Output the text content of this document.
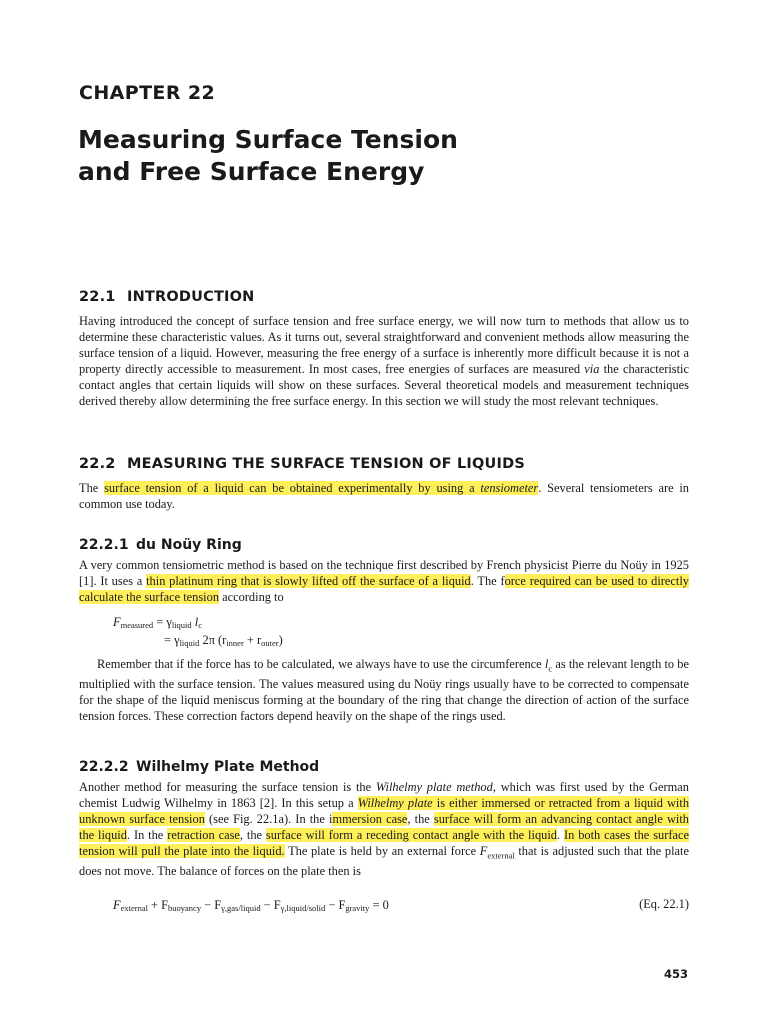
CHAPTER 22
Measuring Surface Tension
and Free Surface Energy
22.1 INTRODUCTION

Having introduced the concept of surface tension and free surface energy, we will now turn to methods that allow us to determine these characteristic values. As it turns out, several straightforward and convenient methods allow measuring the surface tension of a liquid. However, measuring the free energy of a surface is inherently more difficult because it is not a property directly accessible to measurement. In most cases, free energies of surfaces are measured via the characteristic contact angles that certain liquids will show on these surfaces. Several theoretical models and measurement techniques derived thereby allow determining the free surface energy. In this section we will study the most relevant techniques.

22.2 MEASURING THE SURFACE TENSION OF LIQUIDS

The surface tension of a liquid can be obtained experimentally by using a tensiometer. Several tensiometers are in common use today.

22.2.1 du Noüy Ring

A very common tensiometric method is based on the technique first described by French physicist Pierre du Noüy in 1925 [1]. It uses a thin platinum ring that is slowly lifted off the surface of a liquid. The force required can be used to directly calculate the surface tension according to

$F_{measured} = \gamma_{liquid}$ $l_c$
= $\gamma_{liquid}$ 2π $(r_{inner} + r_{outer})$

Remember that if the force has to be calculated, we always have to use the circumference $l_c$ as the relevant length to be multiplied with the surface tension. The values measured using du Noüy rings usually have to be corrected to compensate for the shape of the liquid meniscus forming at the boundary of the ring that change the direction of action of the surface tension forces. These correction factors depend heavily on the shape of the rings used.

22.2.2 Wilhelmy Plate Method

Another method for measuring the surface tension is the Wilhelmy plate method, which was first used by the German chemist Ludwig Wilhelmy in 1863 [2]. In this setup a Wilhelmy plate is either immersed or retracted from a liquid with unknown surface tension (see Fig. 22.1a). In the immersion case, the surface will form an advancing contact angle with the liquid. In the retraction case, the surface will form a receding contact angle with the liquid. In both cases the surface tension will pull the plate into the liquid. The plate is held by an external force $F_{external}$ that is adjusted such that the plate does not move. The balance of forces on the plate then is

$F_{external} + F_{buoyancy} - F_{\gamma,gas/liquid} - F_{\gamma,liquid/solid} - F_{gravity} = 0$	(Eq. 22.1)

453
